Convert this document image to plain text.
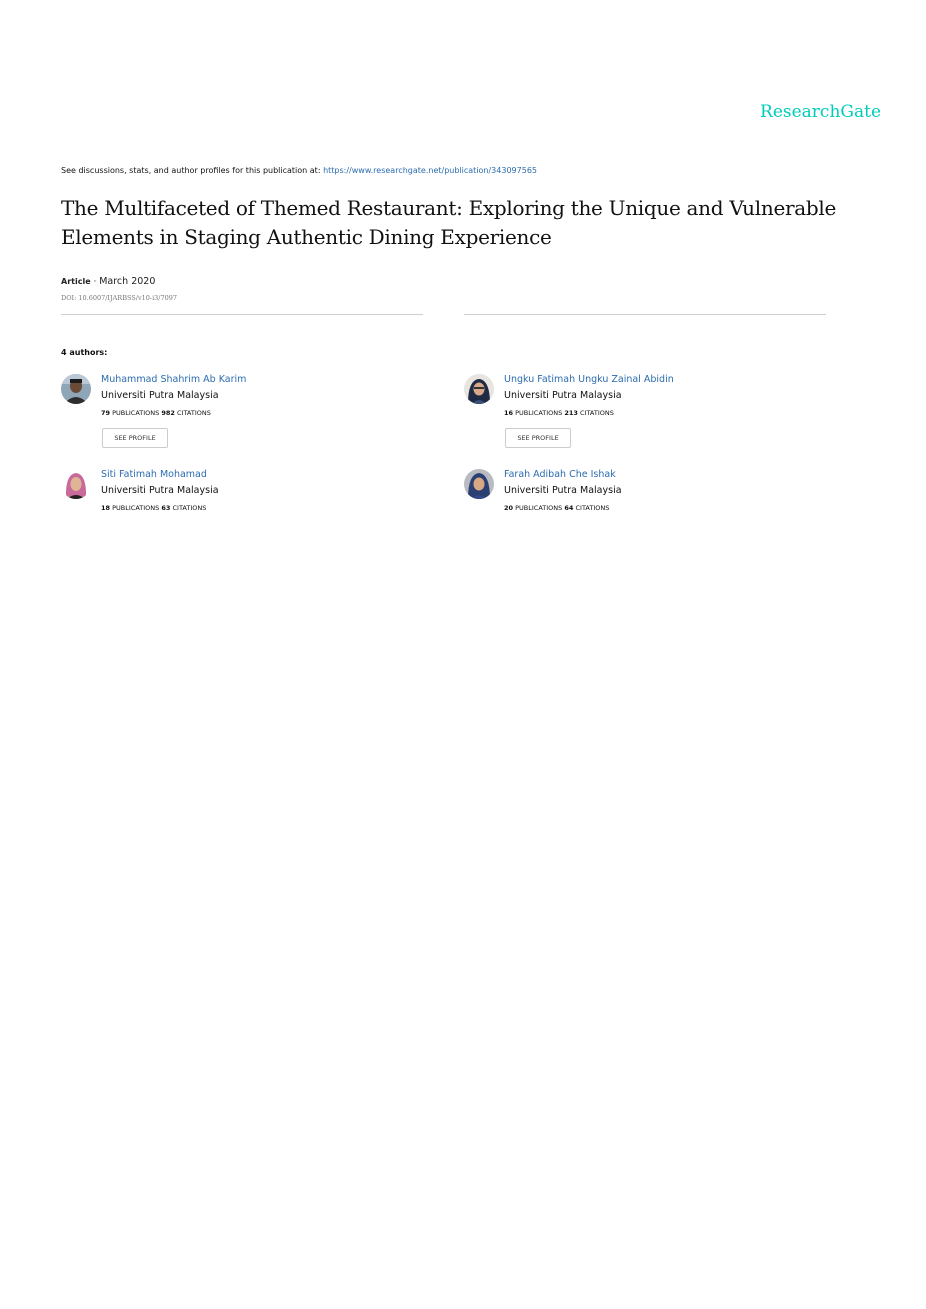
ResearchGate
See discussions, stats, and author profiles for this publication at: https://www.researchgate.net/publication/343097565
The Multifaceted of Themed Restaurant: Exploring the Unique and Vulnerable Elements in Staging Authentic Dining Experience
Article · March 2020
DOI: 10.6007/IJARBSS/v10-i3/7097
4 authors:
Muhammad Shahrim Ab Karim
Universiti Putra Malaysia
79 PUBLICATIONS 982 CITATIONS
SEE PROFILE
Ungku Fatimah Ungku Zainal Abidin
Universiti Putra Malaysia
16 PUBLICATIONS 213 CITATIONS
SEE PROFILE
Siti Fatimah Mohamad
Universiti Putra Malaysia
18 PUBLICATIONS 63 CITATIONS
Farah Adibah Che Ishak
Universiti Putra Malaysia
20 PUBLICATIONS 64 CITATIONS
